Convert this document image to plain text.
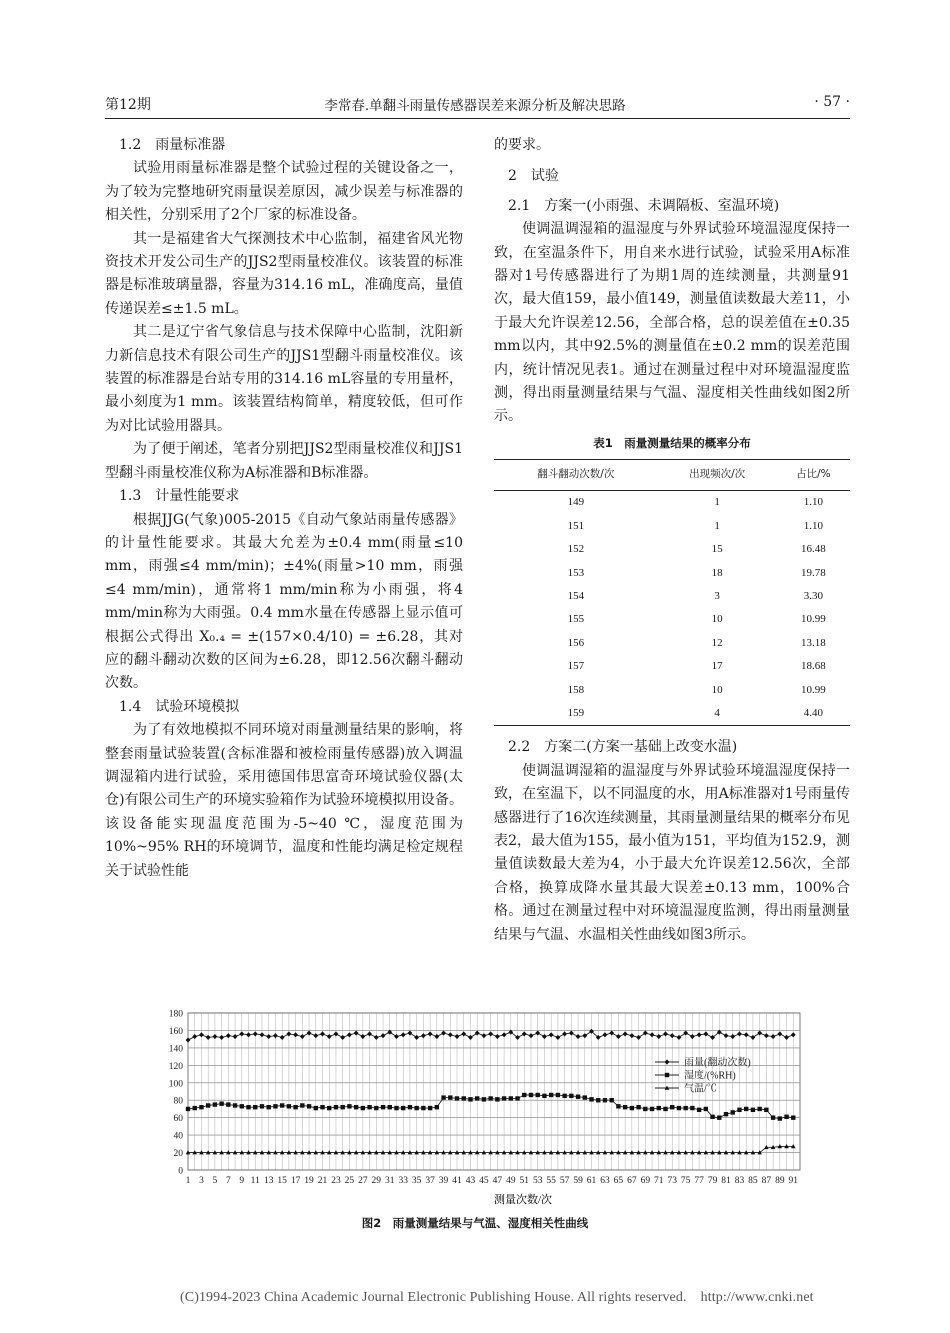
第12期	李常春.单翻斗雨量传感器误差来源分析及解决思路	· 57 ·
1.2　雨量标准器

试验用雨量标准器是整个试验过程的关键设备之一，为了较为完整地研究雨量误差原因，减少误差与标准器的相关性，分别采用了2个厂家的标准设备。

其一是福建省大气探测技术中心监制，福建省风光物资技术开发公司生产的JJS2型雨量校准仪。该装置的标准器是标准玻璃量器，容量为314.16 mL，准确度高，量值传递误差≤±1.5 mL。

其二是辽宁省气象信息与技术保障中心监制，沈阳新力新信息技术有限公司生产的JJS1型翻斗雨量校准仪。该装置的标准器是台站专用的314.16 mL容量的专用量杯，最小刻度为1 mm。该装置结构简单，精度较低，但可作为对比试验用器具。

为了便于阐述，笔者分别把JJS2型雨量校准仪和JJS1型翻斗雨量校准仪称为A标准器和B标准器。

1.3　计量性能要求

根据JJG(气象)005-2015《自动气象站雨量传感器》的计量性能要求。其最大允差为±0.4 mm(雨量≤10 mm，雨强≤4 mm/min)；±4%(雨量>10 mm，雨强≤4 mm/min)，通常将1 mm/min称为小雨强，将4 mm/min称为大雨强。0.4 mm水量在传感器上显示值可根据公式得出 X₀.₄ = ±(157×0.4/10) = ±6.28，其对应的翻斗翻动次数的区间为±6.28，即12.56次翻斗翻动次数。

1.4　试验环境模拟

为了有效地模拟不同环境对雨量测量结果的影响，将整套雨量试验装置(含标准器和被检雨量传感器)放入调温调湿箱内进行试验，采用德国伟思富奇环境试验仪器(太仓)有限公司生产的环境实验箱作为试验环境模拟用设备。该设备能实现温度范围为-5~40 ℃，湿度范围为10%~95% RH的环境调节，温度和性能均满足检定规程关于试验性能

的要求。

2　试验
2.1　方案一(小雨强、未调隔板、室温环境)

使调温调湿箱的温湿度与外界试验环境温湿度保持一致，在室温条件下，用自来水进行试验，试验采用A标准器对1号传感器进行了为期1周的连续测量，共测量91次，最大值159，最小值149，测量值读数最大差11，小于最大允许误差12.56，全部合格，总的误差值在±0.35 mm以内，其中92.5%的测量值在±0.2 mm的误差范围内，统计情况见表1。通过在测量过程中对环境温湿度监测，得出雨量测量结果与气温、湿度相关性曲线如图2所示。

表1　雨量测量结果的概率分布
翻斗翻动次数/次	出现频次/次	占比/%
149	1	1.10
151	1	1.10
152	15	16.48
153	18	19.78
154	3	3.30
155	10	10.99
156	12	13.18
157	17	18.68
158	10	10.99
159	4	4.40
2.2　方案二(方案一基础上改变水温)

使调温调湿箱的温湿度与外界试验环境温湿度保持一致，在室温下，以不同温度的水，用A标准器对1号雨量传感器进行了16次连续测量，其雨量测量结果的概率分布见表2，最大值为155，最小值为151，平均值为152.9，测量值读数最大差为4，小于最大允许误差12.56次，全部合格，换算成降水量其最大误差±0.13 mm，100%合格。通过在测量过程中对环境温湿度监测，得出雨量测量结果与气温、水温相关性曲线如图3所示。

0
20
40
60
80
100
120
140
160
180
1 3 5 7 9 11 13 15 17 19 21 23 25 27 29 31 33 35 37 39 41 43 45 47 49 51 53 55 57 59 61 63 65 67 69 71 73 75 77 79 81 83 85 87 89 91
雨量(翻动次数)
湿度/(%RH)
气温/℃
测量次数/次
图2　雨量测量结果与气温、湿度相关性曲线
(C)1994-2023 China Academic Journal Electronic Publishing House. All rights reserved.　http://www.cnki.net
